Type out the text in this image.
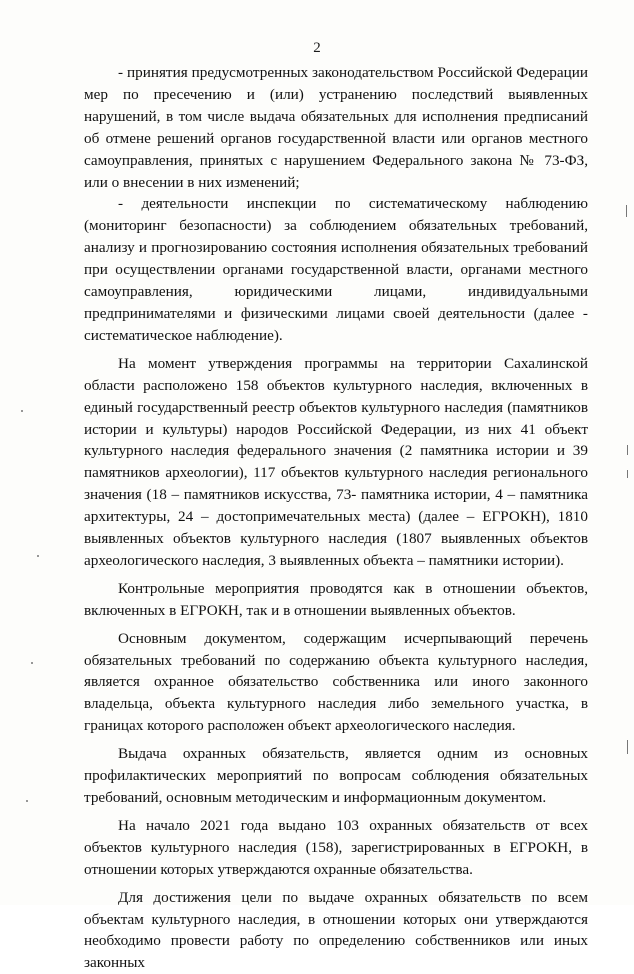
2

- принятия предусмотренных законодательством Российской Федерации мер по пресечению и (или) устранению последствий выявленных нарушений, в том числе выдача обязательных для исполнения предписаний об отмене решений органов государственной власти или органов местного самоуправления, принятых с нарушением Федерального закона № 73-ФЗ, или о внесении в них изменений;

- деятельности инспекции по систематическому наблюдению (мониторинг безопасности) за соблюдением обязательных требований, анализу и прогнозированию состояния исполнения обязательных требований при осуществлении органами государственной власти, органами местного самоуправления, юридическими лицами, индивидуальными предпринимателями и физическими лицами своей деятельности (далее - систематическое наблюдение).

На момент утверждения программы на территории Сахалинской области расположено 158 объектов культурного наследия, включенных в единый государственный реестр объектов культурного наследия (памятников истории и культуры) народов Российской Федерации, из них 41 объект культурного наследия федерального значения (2 памятника истории и 39 памятников археологии), 117 объектов культурного наследия регионального значения (18 – памятников искусства, 73- памятника истории, 4 – памятника архитектуры, 24 – достопримечательных места) (далее – ЕГРОКН), 1810 выявленных объектов культурного наследия (1807 выявленных объектов археологического наследия, 3 выявленных объекта – памятники истории).

Контрольные мероприятия проводятся как в отношении объектов, включенных в ЕГРОКН, так и в отношении выявленных объектов.

Основным документом, содержащим исчерпывающий перечень обязательных требований по содержанию объекта культурного наследия, является охранное обязательство собственника или иного законного владельца, объекта культурного наследия либо земельного участка, в границах которого расположен объект археологического наследия.

Выдача охранных обязательств, является одним из основных профилактических мероприятий по вопросам соблюдения обязательных требований, основным методическим и информационным документом.

На начало 2021 года выдано 103 охранных обязательств от всех объектов культурного наследия (158), зарегистрированных в ЕГРОКН, в отношении которых утверждаются охранные обязательства.

Для достижения цели по выдаче охранных обязательств по всем объектам культурного наследия, в отношении которых они утверждаются необходимо провести работу по определению собственников или иных законных
